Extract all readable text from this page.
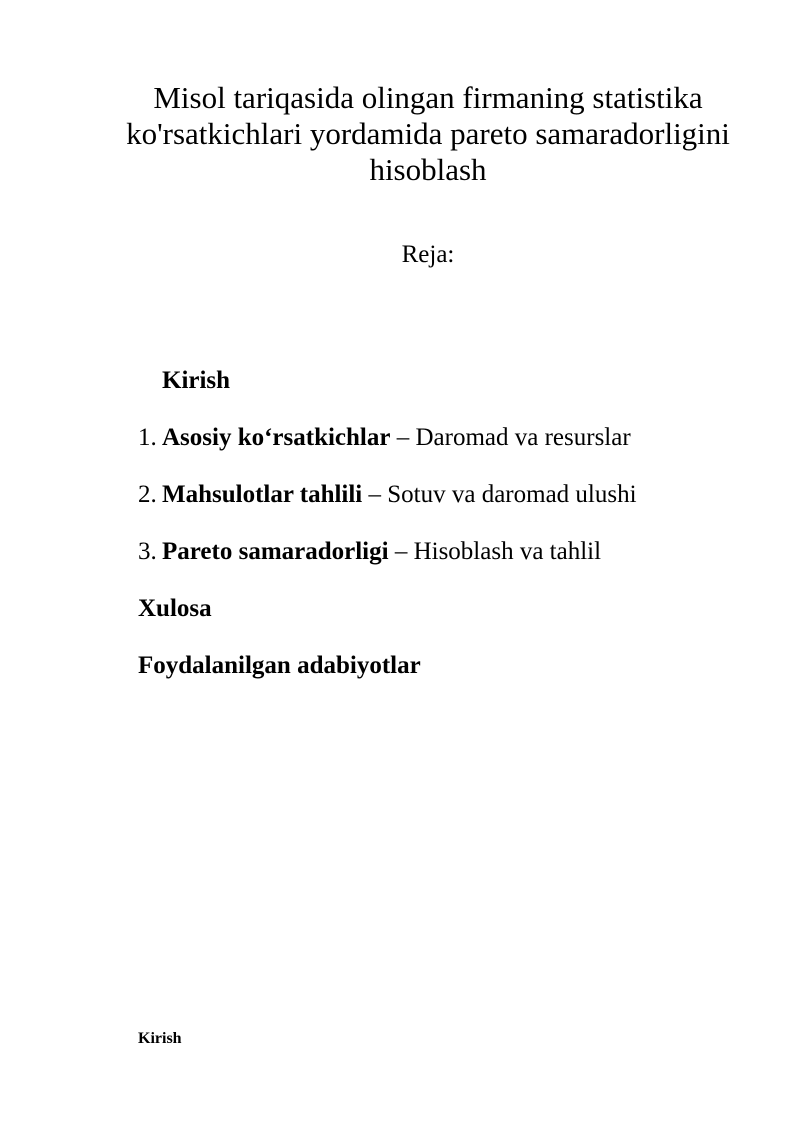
Misol tariqasida olingan firmaning statistika
ko'rsatkichlari yordamida pareto samaradorligini
hisoblash
Reja:
Kirish
1. Asosiy ko‘rsatkichlar – Daromad va resurslar
2. Mahsulotlar tahlili – Sotuv va daromad ulushi
3. Pareto samaradorligi – Hisoblash va tahlil
Xulosa
Foydalanilgan adabiyotlar
Kirish
